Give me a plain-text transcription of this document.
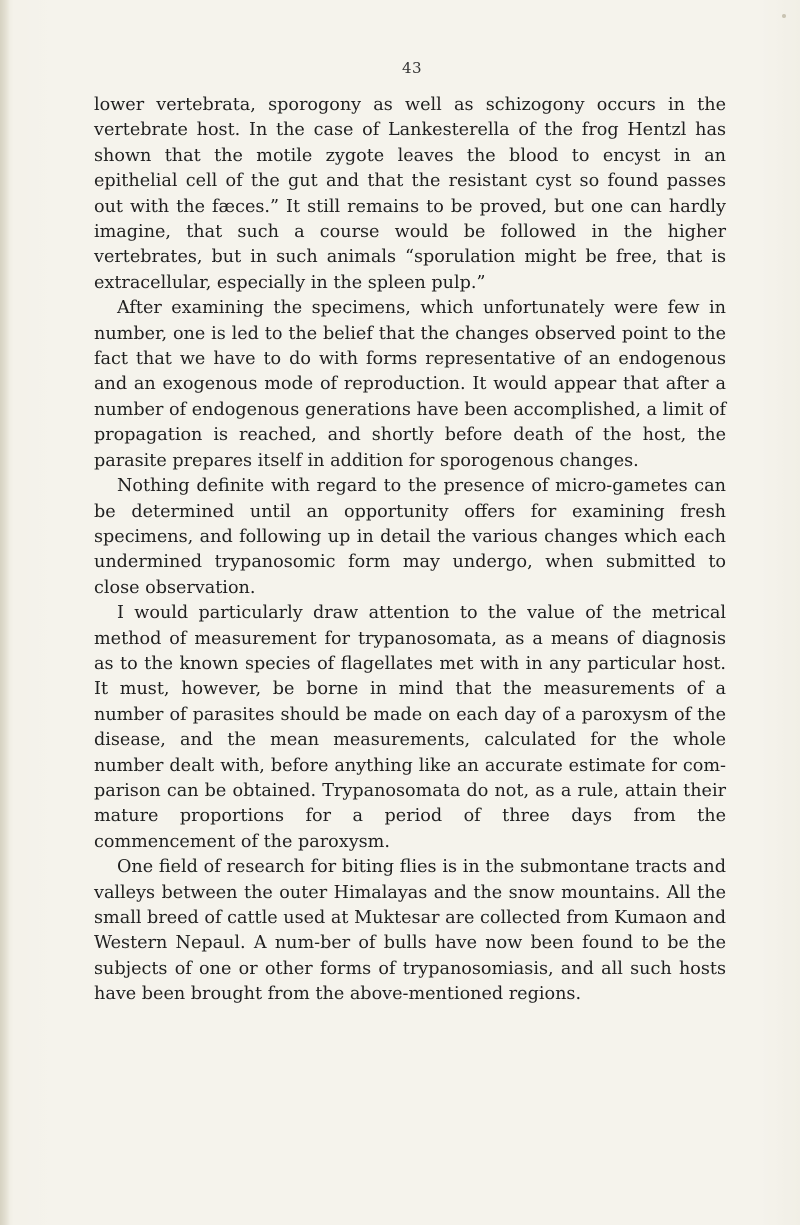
43

lower vertebrata, sporogony as well as schizogony occurs in the vertebrate host. In the case of Lankesterella of the frog Hentzl has shown that the motile zygote leaves the blood to encyst in an epithelial cell of the gut and that the resistant cyst so found passes out with the fæces.” It still remains to be proved, but one can hardly imagine, that such a course would be followed in the higher vertebrates, but in such animals “sporulation might be free, that is extracellular, especially in the spleen pulp.”

After examining the specimens, which unfortunately were few in number, one is led to the belief that the changes observed point to the fact that we have to do with forms representative of an endogenous and an exogenous mode of reproduction. It would appear that after a number of endogenous generations have been accomplished, a limit of propagation is reached, and shortly before death of the host, the parasite prepares itself in addition for sporogenous changes.

Nothing definite with regard to the presence of micro-gametes can be determined until an opportunity offers for examining fresh specimens, and following up in detail the various changes which each undermined trypanosomic form may undergo, when submitted to close observation.

I would particularly draw attention to the value of the metrical method of measurement for trypanosomata, as a means of diagnosis as to the known species of flagellates met with in any particular host. It must, however, be borne in mind that the measurements of a number of parasites should be made on each day of a paroxysm of the disease, and the mean measurements, calculated for the whole number dealt with, before anything like an accurate estimate for com-parison can be obtained. Trypanosomata do not, as a rule, attain their mature proportions for a period of three days from the commencement of the paroxysm.

One field of research for biting flies is in the submontane tracts and valleys between the outer Himalayas and the snow mountains. All the small breed of cattle used at Muktesar are collected from Kumaon and Western Nepaul. A num-ber of bulls have now been found to be the subjects of one or other forms of trypanosomiasis, and all such hosts have been brought from the above-mentioned regions.
